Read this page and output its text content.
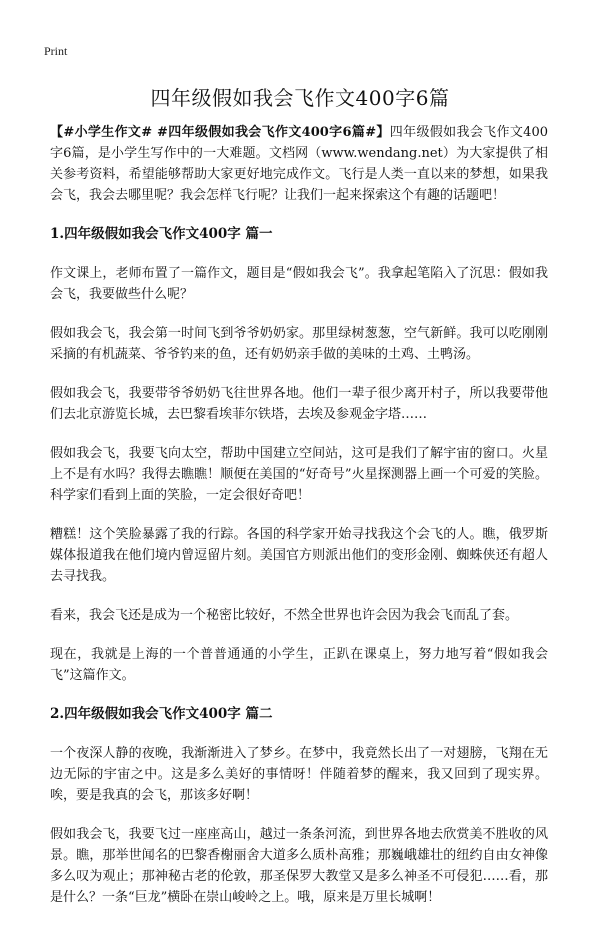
Print
四年级假如我会飞作文400字6篇

【#小学生作文# #四年级假如我会飞作文400字6篇#】四年级假如我会飞作文400字6篇，是小学生写作中的一大难题。文档网（www.wendang.net）为大家提供了相关参考资料，希望能够帮助大家更好地完成作文。飞行是人类一直以来的梦想，如果我会飞，我会去哪里呢？我会怎样飞行呢？让我们一起来探索这个有趣的话题吧！

1.四年级假如我会飞作文400字 篇一

作文课上，老师布置了一篇作文，题目是“假如我会飞”。我拿起笔陷入了沉思：假如我会飞，我要做些什么呢？

假如我会飞，我会第一时间飞到爷爷奶奶家。那里绿树葱葱，空气新鲜。我可以吃刚刚采摘的有机蔬菜、爷爷钓来的鱼，还有奶奶亲手做的美味的土鸡、土鸭汤。

假如我会飞，我要带爷爷奶奶飞往世界各地。他们一辈子很少离开村子，所以我要带他们去北京游览长城，去巴黎看埃菲尔铁塔，去埃及参观金字塔……

假如我会飞，我要飞向太空，帮助中国建立空间站，这可是我们了解宇宙的窗口。火星上不是有水吗？我得去瞧瞧！顺便在美国的“好奇号”火星探测器上画一个可爱的笑脸。科学家们看到上面的笑脸，一定会很好奇吧！

糟糕！这个笑脸暴露了我的行踪。各国的科学家开始寻找我这个会飞的人。瞧，俄罗斯媒体报道我在他们境内曾逗留片刻。美国官方则派出他们的变形金刚、蜘蛛侠还有超人去寻找我。

看来，我会飞还是成为一个秘密比较好，不然全世界也许会因为我会飞而乱了套。

现在，我就是上海的一个普普通通的小学生，正趴在课桌上，努力地写着“假如我会飞”这篇作文。

2.四年级假如我会飞作文400字 篇二

一个夜深人静的夜晚，我渐渐进入了梦乡。在梦中，我竟然长出了一对翅膀，飞翔在无边无际的宇宙之中。这是多么美好的事情呀！伴随着梦的醒来，我又回到了现实界。唉，要是我真的会飞，那该多好啊！

假如我会飞，我要飞过一座座高山，越过一条条河流，到世界各地去欣赏美不胜收的风景。瞧，那举世闻名的巴黎香榭丽舍大道多么质朴高雅；那巍峨雄壮的纽约自由女神像多么叹为观止；那神秘古老的伦敦，那圣保罗大教堂又是多么神圣不可侵犯……看，那是什么？一条“巨龙”横卧在崇山峻岭之上。哦，原来是万里长城啊！
